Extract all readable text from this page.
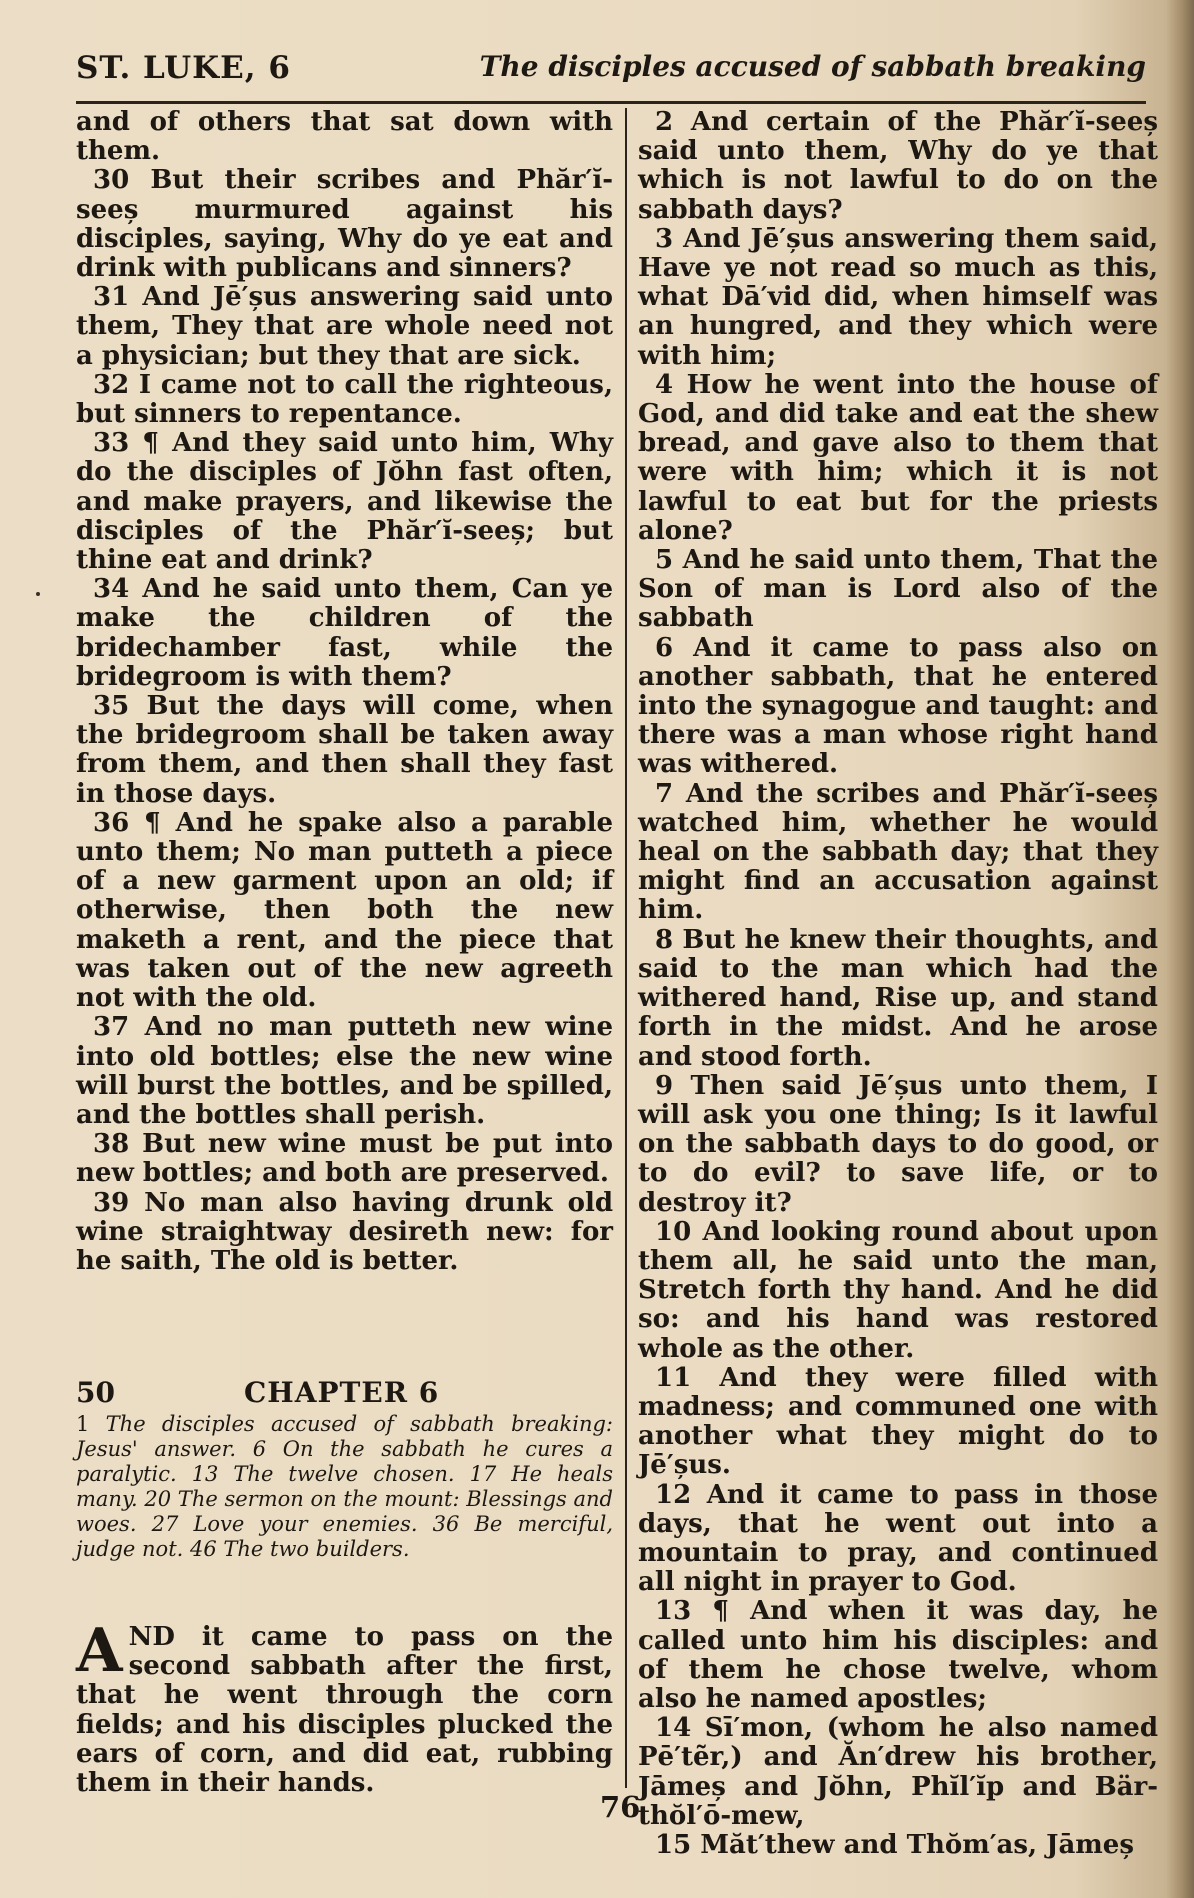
ST. LUKE, 6	The disciples accused of sabbath breaking

and of others that sat down with them.

30 But their scribes and Phăr′ĭ-seeș murmured against his disciples, saying, Why do ye eat and drink with publicans and sinners?

31 And Jē′șus answering said unto them, They that are whole need not a physician; but they that are sick.

32 I came not to call the righteous, but sinners to repentance.

33 ¶ And they said unto him, Why do the disciples of Jŏhn fast often, and make prayers, and likewise the disciples of the Phăr′ĭ-seeș; but thine eat and drink?

34 And he said unto them, Can ye make the children of the bridechamber fast, while the bridegroom is with them?

35 But the days will come, when the bridegroom shall be taken away from them, and then shall they fast in those days.

36 ¶ And he spake also a parable unto them; No man putteth a piece of a new garment upon an old; if otherwise, then both the new maketh a rent, and the piece that was taken out of the new agreeth not with the old.

37 And no man putteth new wine into old bottles; else the new wine will burst the bottles, and be spilled, and the bottles shall perish.

38 But new wine must be put into new bottles; and both are preserved.

39 No man also having drunk old wine straightway desireth new: for he saith, The old is better.

50	CHAPTER 6
1 The disciples accused of sabbath breaking: Jesus' answer. 6 On the sabbath he cures a paralytic. 13 The twelve chosen. 17 He heals many. 20 The sermon on the mount: Blessings and woes. 27 Love your enemies. 36 Be merciful, judge not. 46 The two builders.
AND it came to pass on the second sabbath after the first, that he went through the corn fields; and his disciples plucked the ears of corn, and did eat, rubbing them in their hands.

2 And certain of the Phăr′ĭ-seeș said unto them, Why do ye that which is not lawful to do on the sabbath days?

3 And Jē′șus answering them said, Have ye not read so much as this, what Dā′vid did, when himself was an hungred, and they which were with him;

4 How he went into the house of God, and did take and eat the shew bread, and gave also to them that were with him; which it is not lawful to eat but for the priests alone?

5 And he said unto them, That the Son of man is Lord also of the sabbath

6 And it came to pass also on another sabbath, that he entered into the synagogue and taught: and there was a man whose right hand was withered.

7 And the scribes and Phăr′ĭ-seeș watched him, whether he would heal on the sabbath day; that they might find an accusation against him.

8 But he knew their thoughts, and said to the man which had the withered hand, Rise up, and stand forth in the midst. And he arose and stood forth.

9 Then said Jē′șus unto them, I will ask you one thing; Is it lawful on the sabbath days to do good, or to do evil? to save life, or to destroy it?

10 And looking round about upon them all, he said unto the man, Stretch forth thy hand. And he did so: and his hand was restored whole as the other.

11 And they were filled with madness; and communed one with another what they might do to Jē′șus.

12 And it came to pass in those days, that he went out into a mountain to pray, and continued all night in prayer to God.

13 ¶ And when it was day, he called unto him his disciples: and of them he chose twelve, whom also he named apostles;

14 Sī′mon, (whom he also named Pē′tẽr,) and Ăn′drew his brother, Jāmeș and Jŏhn, Phĭl′ĭp and Bär-thŏl′ō-mew,

15 Măt′thew and Thŏm′as, Jāmeș

76
